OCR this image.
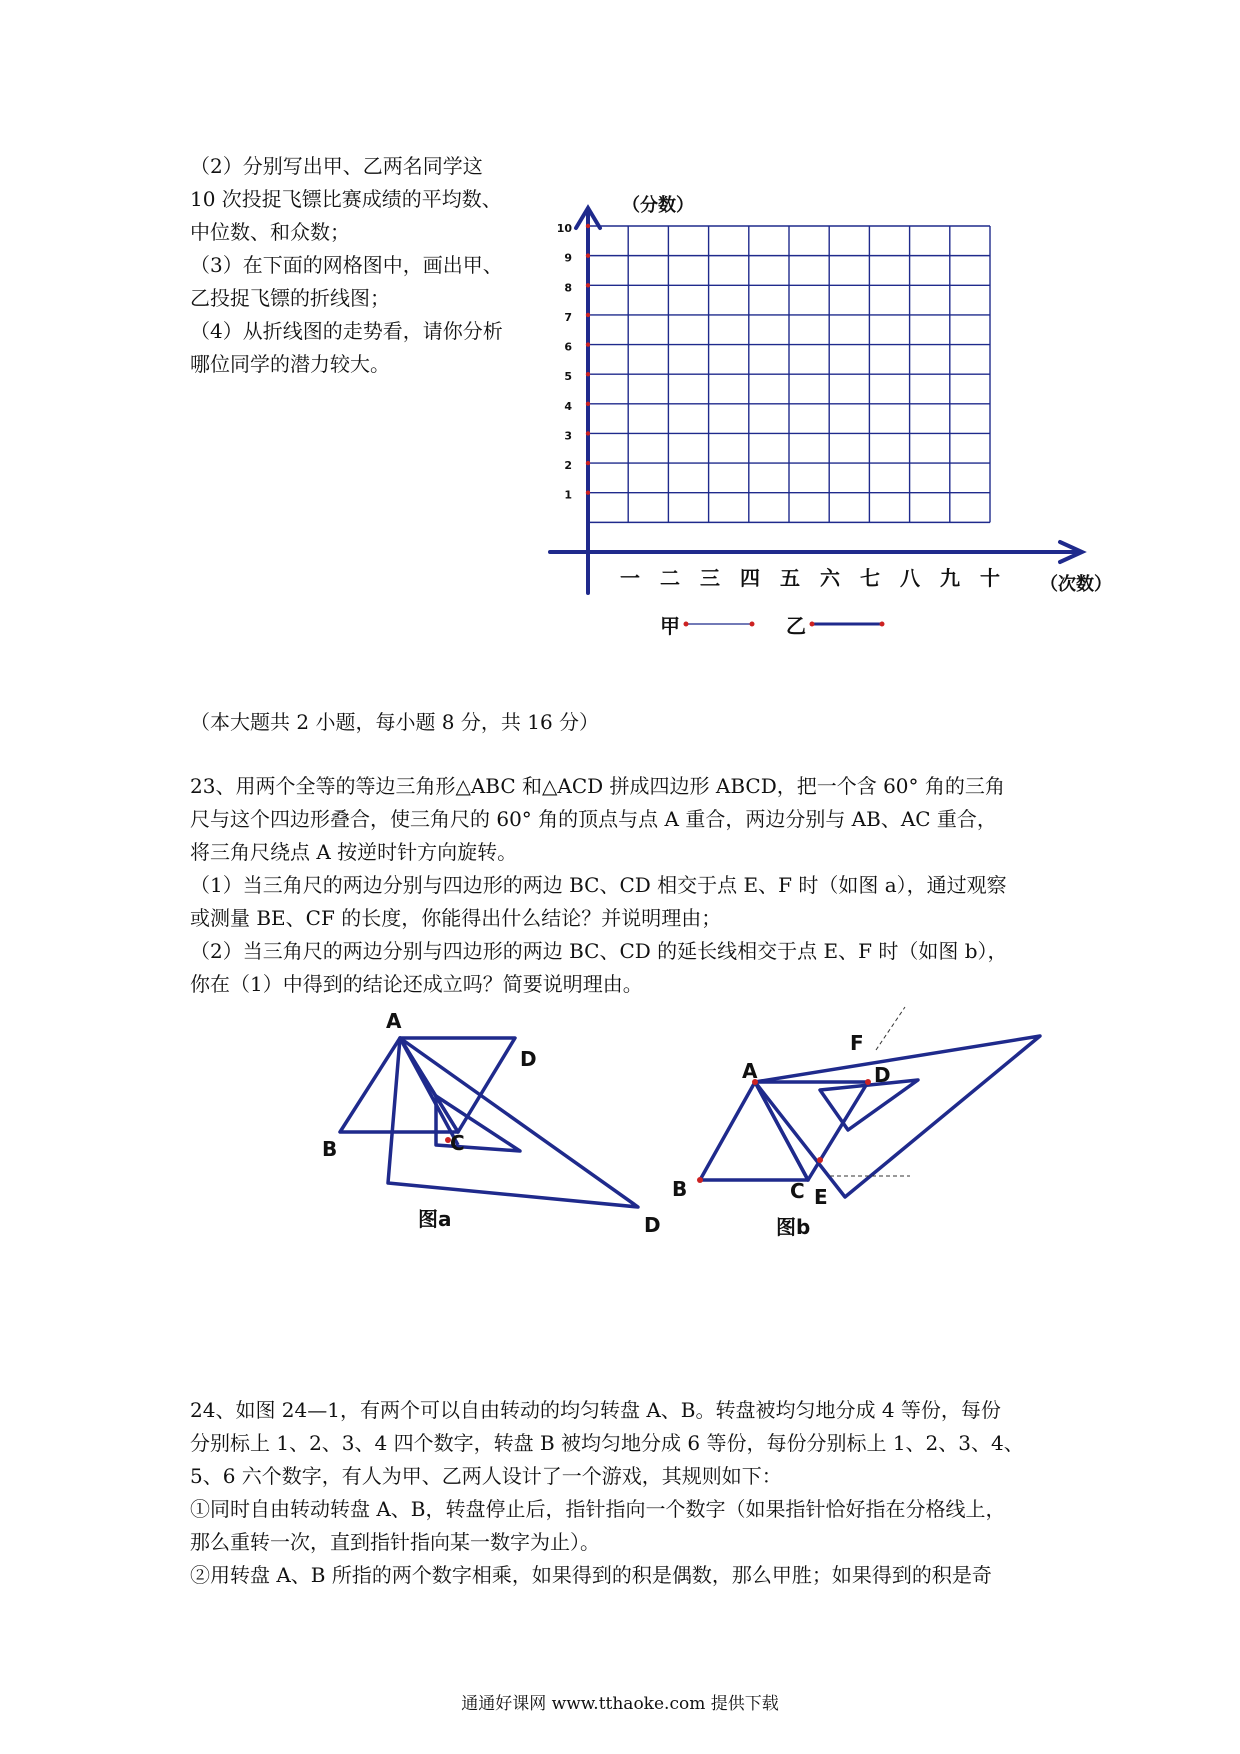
（2）分别写出甲、乙两名同学这
10 次投捉飞镖比赛成绩的平均数、
中位数、和众数；
（3）在下面的网格图中，画出甲、
乙投捉飞镖的折线图；
（4）从折线图的走势看，请你分析
哪位同学的潜力较大。
1
2
3
4
5
6
7
8
9
10
一 二 三 四 五 六 七 八 九 十
（分数）
（次数）
甲	乙
（本大题共 2 小题，每小题 8 分，共 16 分）
23、用两个全等的等边三角形△ABC 和△ACD 拼成四边形 ABCD，把一个含 60° 角的三角
尺与这个四边形叠合，使三角尺的 60° 角的顶点与点 A 重合，两边分别与 AB、AC 重合，
将三角尺绕点 A 按逆时针方向旋转。
（1）当三角尺的两边分别与四边形的两边 BC、CD 相交于点 E、F 时（如图 a），通过观察
或测量 BE、CF 的长度，你能得出什么结论？并说明理由；
（2）当三角尺的两边分别与四边形的两边 BC、CD 的延长线相交于点 E、F 时（如图 b），
你在（1）中得到的结论还成立吗？简要说明理由。
A
D
B	C
D
图a
A
F
D
B	C E
图b
24、如图 24—1，有两个可以自由转动的均匀转盘 A、B。转盘被均匀地分成 4 等份，每份
分别标上 1、2、3、4 四个数字，转盘 B 被均匀地分成 6 等份，每份分别标上 1、2、3、4、
5、6 六个数字，有人为甲、乙两人设计了一个游戏，其规则如下：
①同时自由转动转盘 A、B，转盘停止后，指针指向一个数字（如果指针恰好指在分格线上，
那么重转一次，直到指针指向某一数字为止）。
②用转盘 A、B 所指的两个数字相乘，如果得到的积是偶数，那么甲胜；如果得到的积是奇
通通好课网 www.tthaoke.com 提供下载
